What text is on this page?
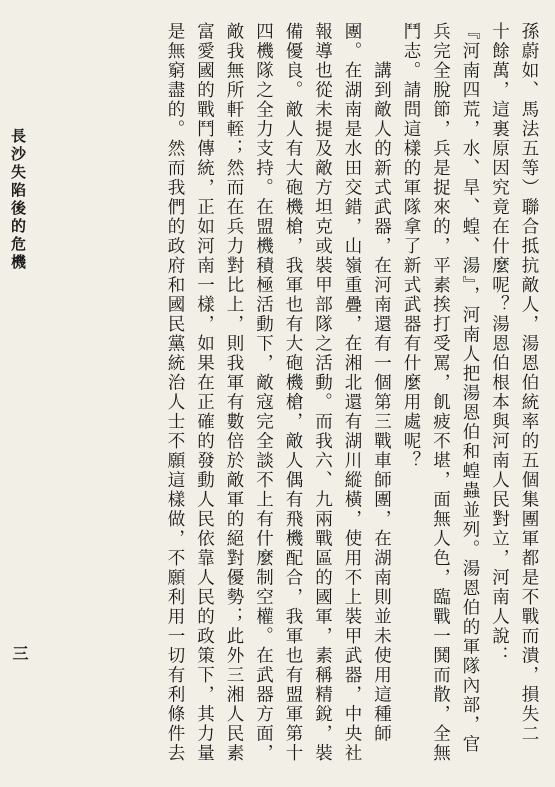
孫蔚如、馬法五等）聯合抵抗敵人，湯恩伯統率的五個集團軍都是不戰而潰，損失二
十餘萬，這裏原因究竟在什麼呢？湯恩伯根本與河南人民對立，河南人說：
『河南四荒，水、旱、蝗、湯』，河南人把湯恩伯和蝗蟲並列。湯恩伯的軍隊內部，官
兵完全脫節，兵是捉來的，平素挨打受罵，飢疲不堪，面無人色，臨戰一鬨而散，全無
鬥志。請問這樣的軍隊拿了新式武器有什麼用處呢？
　　講到敵人的新式武器，在河南還有一個第三戰車師團，在湖南則並未使用這種師
團。在湖南是水田交錯，山嶺重疊，在湘北還有湖川縱橫，使用不上裝甲武器，中央社
報導也從未提及敵方坦克或裝甲部隊之活動。而我六、九兩戰區的國軍，素稱精銳，裝
備優良。敵人有大砲機槍，我軍也有大砲機槍，敵人偶有飛機配合，我軍也有盟軍第十
四機隊之全力支持。在盟機積極活動下，敵寇完全談不上有什麼制空權。在武器方面，
敵我無所軒輊；然而在兵力對比上，則我軍有數倍於敵軍的絕對優勢；此外三湘人民素
富愛國的戰鬥傳統，正如河南一樣，如果在正確的發動人民依靠人民的政策下，其力量
是無窮盡的。然而我們的政府和國民黨統治人士不願這樣做，不願利用一切有利條件去
長沙失陷後的危機
三
